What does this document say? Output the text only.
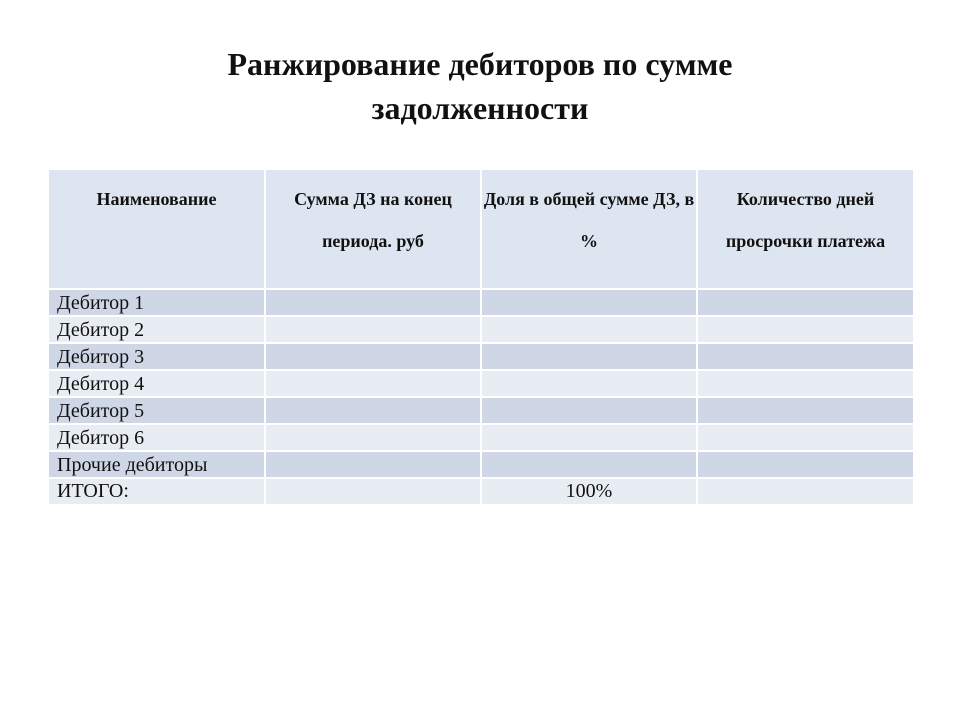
Ранжирование дебиторов по сумме
задолженности
Наименование	Сумма ДЗ на конец периода. руб	Доля в общей сумме ДЗ, в %	Количество дней просрочки платежа
Дебитор 1			
Дебитор 2			
Дебитор 3			
Дебитор 4			
Дебитор 5			
Дебитор 6			
Прочие дебиторы			
ИТОГО:		100%	
